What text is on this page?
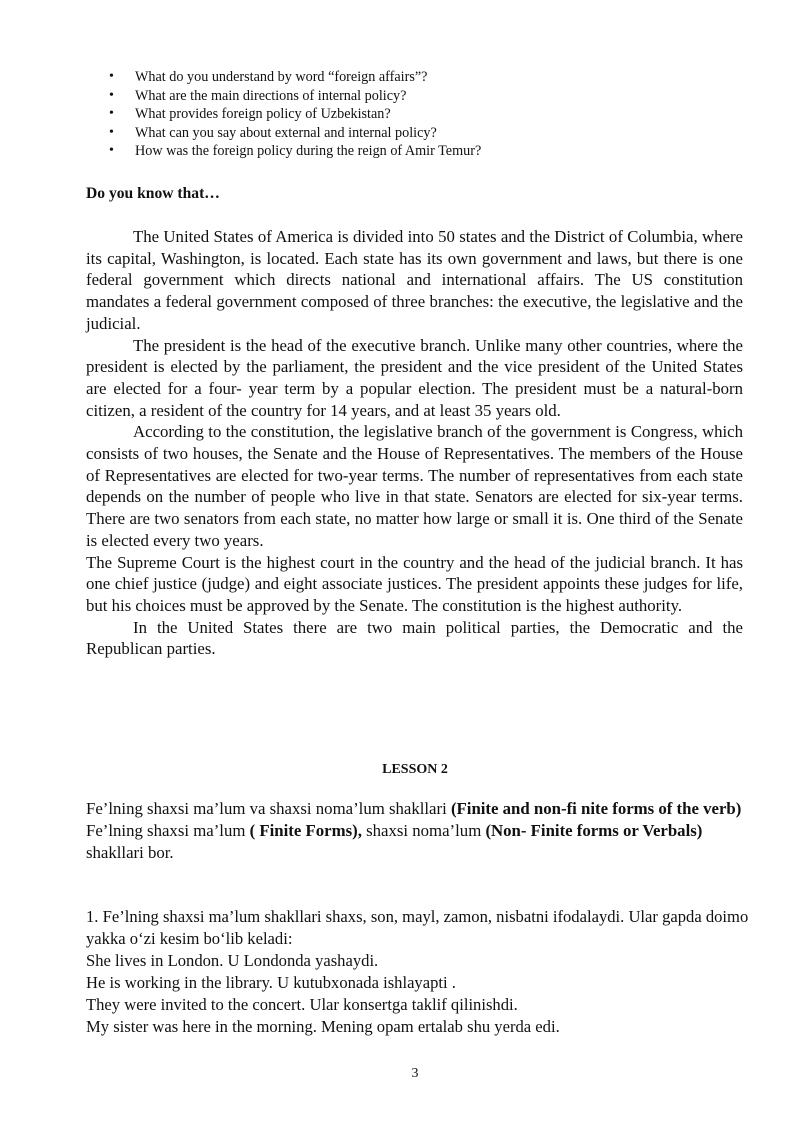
• What do you understand by word “foreign affairs”?
• What are the main directions of internal policy?
• What provides foreign policy of Uzbekistan?
• What can you say about external and internal policy?
• How was the foreign policy during the reign of Amir Temur?
Do you know that…

The United States of America is divided into 50 states and the District of Columbia, where its capital, Washington, is located. Each state has its own government and laws, but there is one federal government which directs national and international affairs. The US constitution mandates a federal government composed of three branches: the executive, the legislative and the judicial.

The president is the head of the executive branch. Unlike many other countries, where the president is elected by the parliament, the president and the vice president of the United States are elected for a four- year term by a popular election. The president must be a natural-born citizen, a resident of the country for 14 years, and at least 35 years old.

According to the constitution, the legislative branch of the government is Congress, which consists of two houses, the Senate and the House of Representatives. The members of the House of Representatives are elected for two-year terms. The number of representatives from each state depends on the number of people who live in that state. Senators are elected for six-year terms. There are two senators from each state, no matter how large or small it is. One third of the Senate is elected every two years.

The Supreme Court is the highest court in the country and the head of the judicial branch. It has one chief justice (judge) and eight associate justices. The president appoints these judges for life, but his choices must be approved by the Senate. The constitution is the highest authority.

In the United States there are two main political parties, the Democratic and the Republican parties.

LESSON 2

Fe’lning shaxsi ma’lum va shaxsi noma’lum shakllari (Finite and non-fi nite forms of the verb)

Fe’lning shaxsi ma’lum ( Finite Forms), shaxsi noma’lum (Non- Finite forms or Verbals) shakllari bor.

1. Fe’lning shaxsi ma’lum shakllari shaxs, son, mayl, zamon, nisbatni ifodalaydi. Ular gapda doimo yakka o‘zi kesim bo‘lib keladi:

She lives in London. U Londonda yashaydi.

He is working in the library. U kutubxonada ishlayapti .

They were invited to the concert. Ular konsertga taklif qilinishdi.

My sister was here in the morning. Mening opam ertalab shu yerda edi.

3
